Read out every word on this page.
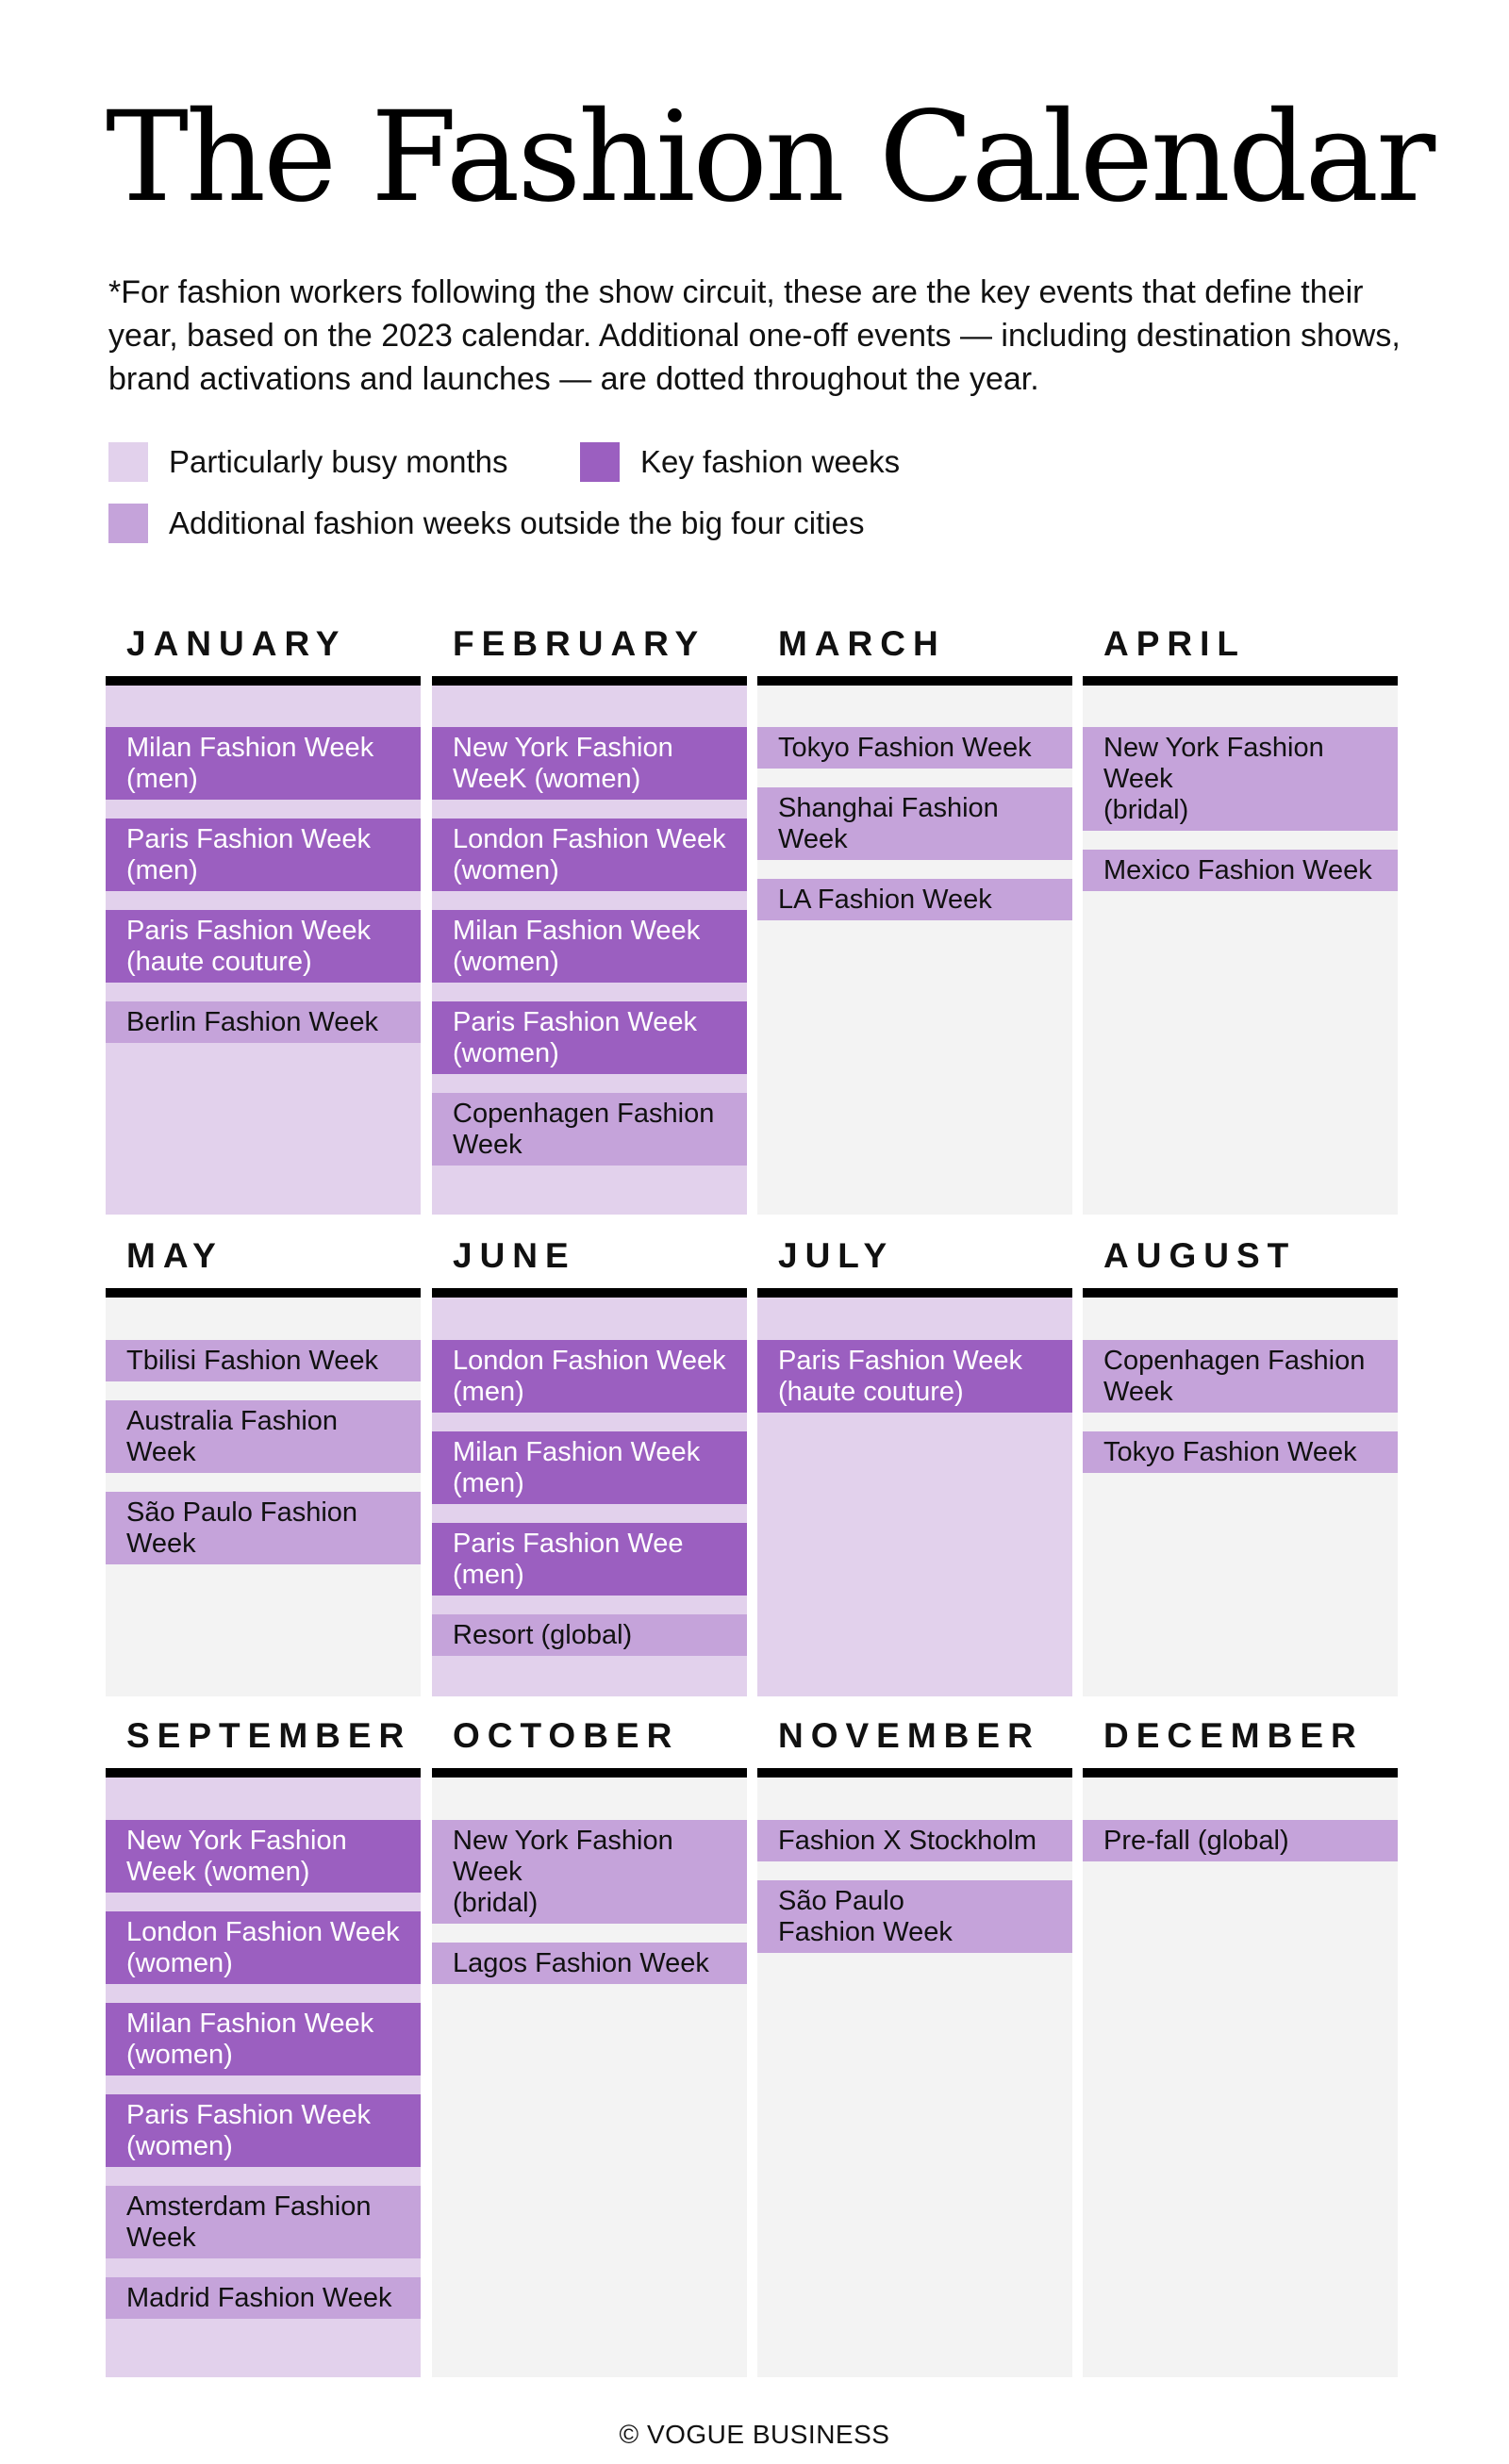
The Fashion Calendar
*For fashion workers following the show circuit, these are the key events that define their year, based on the 2023 calendar. Additional one-off events — including destination shows, brand activations and launches — are dotted throughout the year.
Particularly busy months	Key fashion weeks
Additional fashion weeks outside the big four cities
JANUARY
Milan Fashion Week
(men)
Paris Fashion Week
(men)
Paris Fashion Week
(haute couture)
Berlin Fashion Week
FEBRUARY
New York Fashion
WeeK (women)
London Fashion Week
(women)
Milan Fashion Week
(women)
Paris Fashion Week
(women)
Copenhagen Fashion
Week
MARCH
Tokyo Fashion Week
Shanghai Fashion
Week
LA Fashion Week
APRIL
New York Fashion Week
(bridal)
Mexico Fashion Week
MAY
Tbilisi Fashion Week
Australia Fashion
Week
São Paulo Fashion
Week
JUNE
London Fashion Week
(men)
Milan Fashion Week
(men)
Paris Fashion Wee
(men)
Resort (global)
JULY
Paris Fashion Week
(haute couture)
AUGUST
Copenhagen Fashion
Week
Tokyo Fashion Week
SEPTEMBER
New York Fashion
Week (women)
London Fashion Week
(women)
Milan Fashion Week
(women)
Paris Fashion Week
(women)
Amsterdam Fashion
Week
Madrid Fashion Week
OCTOBER
New York Fashion Week
(bridal)
Lagos Fashion Week
NOVEMBER
Fashion X Stockholm
São Paulo
Fashion Week
DECEMBER
Pre-fall (global)
© VOGUE BUSINESS
